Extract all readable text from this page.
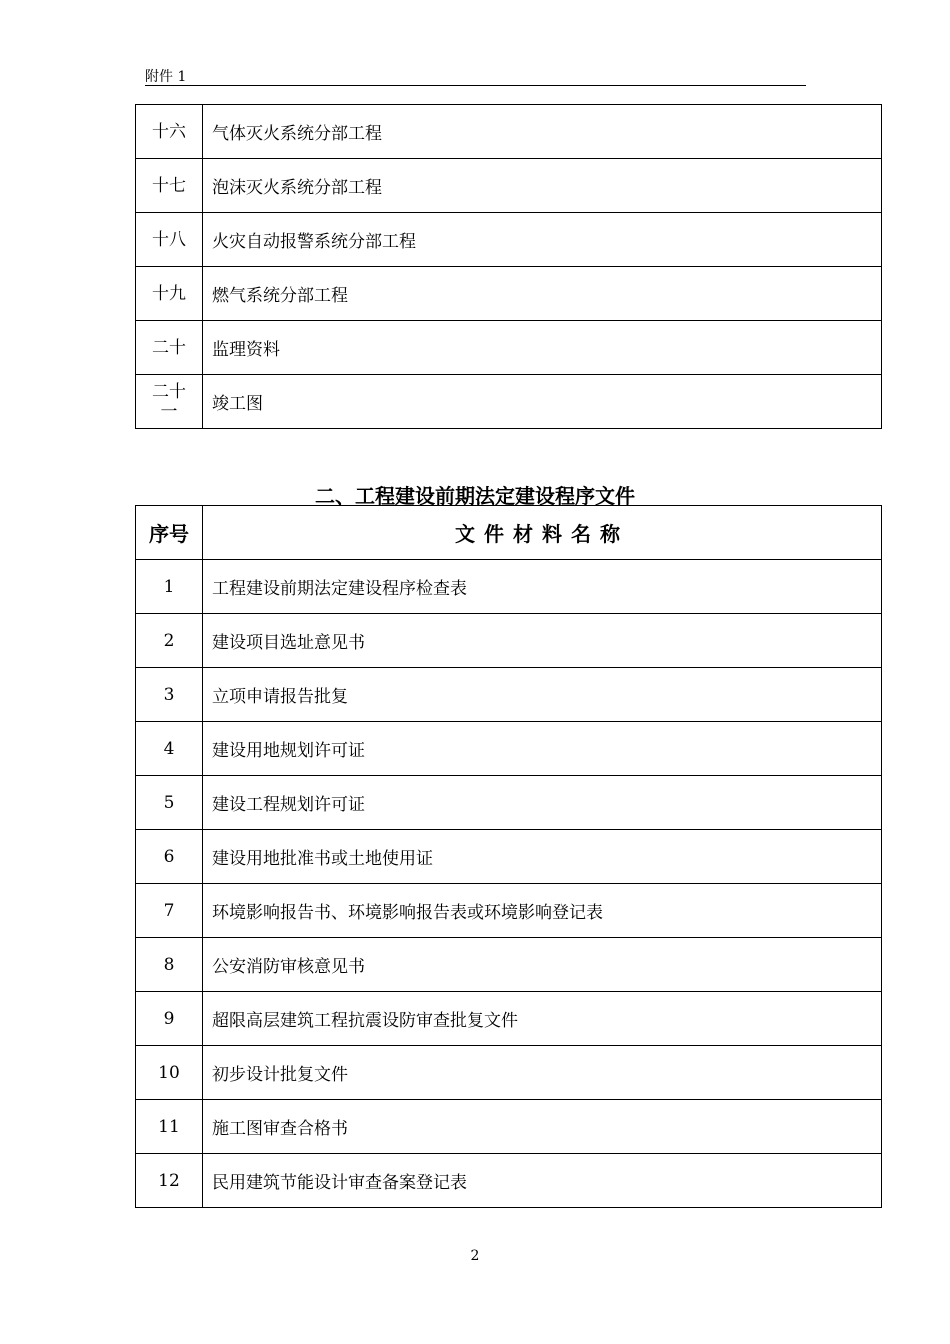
附件 1
十六	气体灭火系统分部工程
十七	泡沫灭火系统分部工程
十八	火灾自动报警系统分部工程
十九	燃气系统分部工程
二十	监理资料
二十一	竣工图
二、工程建设前期法定建设程序文件
序号	文件材料名称
1	工程建设前期法定建设程序检查表
2	建设项目选址意见书
3	立项申请报告批复
4	建设用地规划许可证
5	建设工程规划许可证
6	建设用地批准书或土地使用证
7	环境影响报告书、环境影响报告表或环境影响登记表
8	公安消防审核意见书
9	超限高层建筑工程抗震设防审查批复文件
10	初步设计批复文件
11	施工图审查合格书
12	民用建筑节能设计审查备案登记表
2
